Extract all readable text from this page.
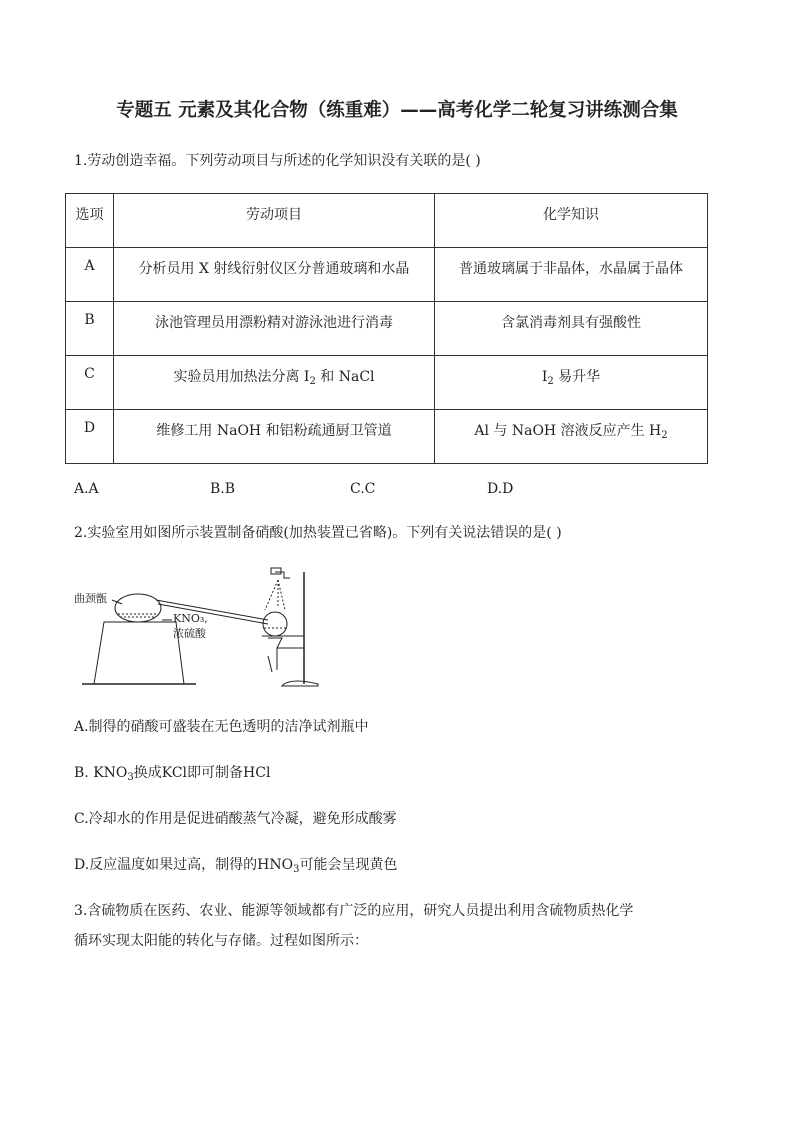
专题五 元素及其化合物（练重难）——高考化学二轮复习讲练测合集
1.劳动创造幸福。下列劳动项目与所述的化学知识没有关联的是( )
选项	劳动项目	化学知识
A	分析员用 X 射线衍射仪区分普通玻璃和水晶	普通玻璃属于非晶体，水晶属于晶体
B	泳池管理员用漂粉精对游泳池进行消毒	含氯消毒剂具有强酸性
C	实验员用加热法分离 $I_2$ 和 NaCl	$I_2$ 易升华
D	维修工用 NaOH 和铝粉疏通厨卫管道	Al 与 NaOH 溶液反应产生 $H_2$
A.A	B.B	C.C	D.D
2.实验室用如图所示装置制备硝酸(加热装置已省略)。下列有关说法错误的是( )
曲颈甑
KNO₃,
浓硫酸
A.制得的硝酸可盛装在无色透明的洁净试剂瓶中
B. $KNO_3$换成KCl即可制备HCl
C.冷却水的作用是促进硝酸蒸气冷凝，避免形成酸雾
D.反应温度如果过高，制得的$HNO_3$可能会呈现黄色
3.含硫物质在医药、农业、能源等领域都有广泛的应用，研究人员提出利用含硫物质热化学
循环实现太阳能的转化与存储。过程如图所示：
